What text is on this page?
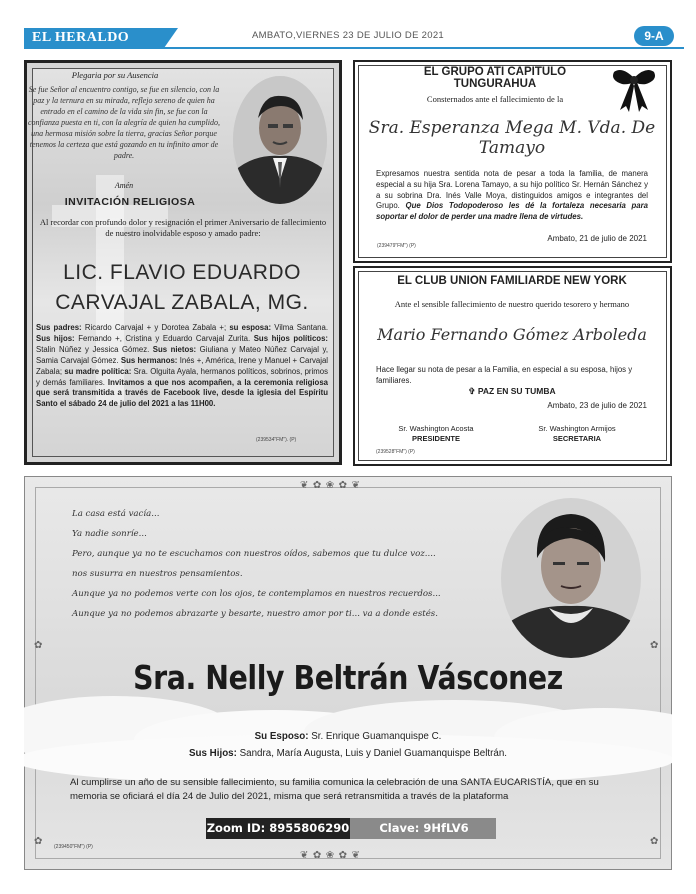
EL HERALDO	AMBATO,VIERNES 23 DE JULIO DE 2021	9-A
Plegaria por su Ausencia
Se fue Señor al encuentro contigo, se fue en silencio, con la paz y la ternura en su mirada, reflejo sereno de quien ha entrado en el camino de la vida sin fin, se fue con la confianza puesta en ti, con la alegría de quien ha cumplido, una hermosa misión sobre la tierra, gracias Señor porque tenemos la certeza que está gozando en tu infinito amor de padre.
Amén
INVITACIÓN RELIGIOSA
Al recordar con profundo dolor y resignación el primer Aniversario de fallecimiento de nuestro inolvidable esposo y amado padre:
LIC. FLAVIO EDUARDO
CARVAJAL ZABALA, MG.
Sus padres: Ricardo Carvajal + y Dorotea Zabala +; su esposa: Vilma Santana. Sus hijos: Fernando +, Cristina y Eduardo Carvajal Zurita. Sus hijos políticos: Stalin Núñez y Jessica Gómez. Sus nietos: Giuliana y Mateo Núñez Carvajal y, Samia Carvajal Gómez. Sus hermanos: Inés +, América, Irene y Manuel + Carvajal Zabala; su madre política: Sra. Olguita Ayala, hermanos políticos, sobrinos, primos y demás familiares. Invitamos a que nos acompañen, a la ceremonia religiosa que será transmitida a través de Facebook live, desde la iglesia del Espíritu Santo el sábado 24 de julio del 2021 a las 11H00.
(239534"FM"). (P)
EL GRUPO ATI CAPITULO TUNGURAHUA
Consternados ante el fallecimiento de la
Sra. Esperanza Mega M. Vda. De Tamayo
Expresamos nuestra sentida nota de pesar a toda la familia, de manera especial a su hija Sra. Lorena Tamayo, a su hijo político Sr. Hernán Sánchez y a su sobrina Dra. Inés Valle Moya, distinguidos amigos e integrantes del Grupo. Que Dios Todopoderoso les dé la fortaleza necesaria para soportar el dolor de perder una madre llena de virtudes.
Ambato, 21 de julio de 2021
(239479"FM") (P)
EL CLUB UNION FAMILIARDE NEW YORK
Ante el sensible fallecimiento de nuestro querido tesorero y hermano
Mario Fernando Gómez Arboleda
Hace llegar su nota de pesar a la Familia, en especial a su esposa, hijos y familiares.
✞ PAZ EN SU TUMBA
Ambato, 23 de julio de 2021
Sr. Washington Acosta
PRESIDENTE
Sr. Washington Armijos
SECRETARIA
(239528"FM") (P)
❦ ✿ ❀ ✿ ❦
❦ ✿ ❀ ✿ ❦
✿	✿
✿	✿
La casa está vacía...
Ya nadie sonríe...
Pero, aunque ya no te escuchamos con nuestros oídos, sabemos que tu dulce voz....
nos susurra en nuestros pensamientos.
Aunque ya no podemos verte con los ojos, te contemplamos en nuestros recuerdos...
Aunque ya no podemos abrazarte y besarte, nuestro amor por ti... va a donde estés.
Sra. Nelly Beltrán Vásconez
Su Esposo: Sr. Enrique Guamanquispe C.
Sus Hijos: Sandra, María Augusta, Luis y Daniel Guamanquispe Beltrán.
Al cumplirse un año de su sensible fallecimiento, su familia comunica la celebración de una SANTA EUCARISTÍA, que en su memoria se oficiará el día 24 de Julio del 2021, misma que será retransmitida a través de la plataforma
Zoom ID: 8955806290	Clave: 9HfLV6
(239450"FM") (P)
